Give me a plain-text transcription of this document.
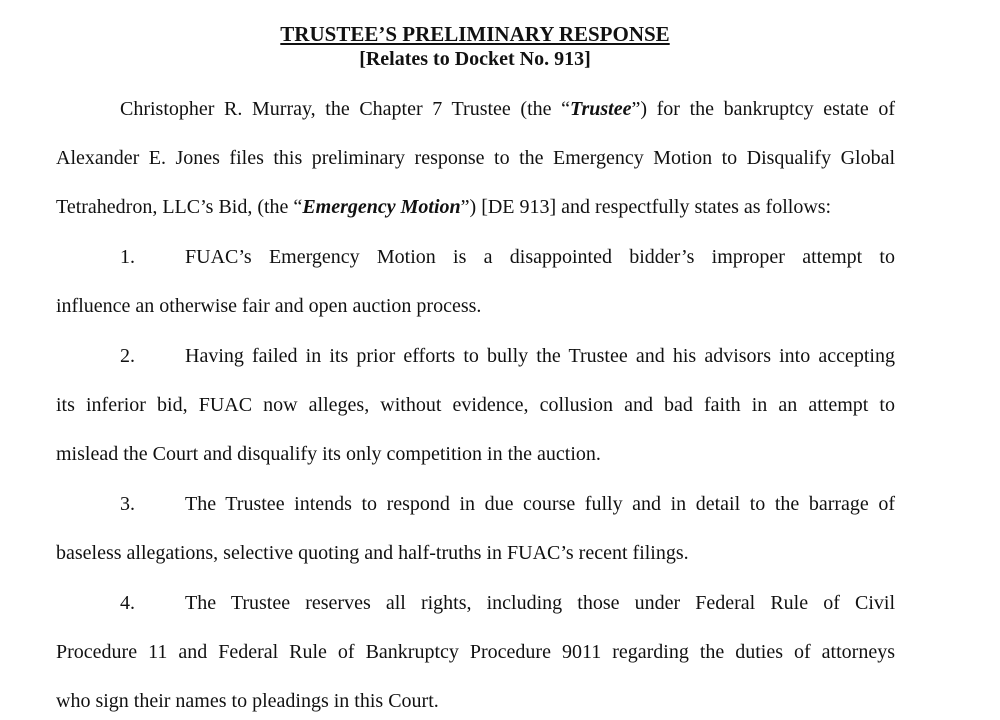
TRUSTEE’S PRELIMINARY RESPONSE
[Relates to Docket No. 913]
Christopher R. Murray, the Chapter 7 Trustee (the “Trustee”) for the bankruptcy estate of
Alexander E. Jones files this preliminary response to the Emergency Motion to Disqualify Global
Tetrahedron, LLC’s Bid, (the “Emergency Motion”) [DE 913] and respectfully states as follows:
1.	FUAC’s Emergency Motion is a disappointed bidder’s improper attempt to
influence an otherwise fair and open auction process.
2.	Having failed in its prior efforts to bully the Trustee and his advisors into accepting
its inferior bid, FUAC now alleges, without evidence, collusion and bad faith in an attempt to
mislead the Court and disqualify its only competition in the auction.
3.	The Trustee intends to respond in due course fully and in detail to the barrage of
baseless allegations, selective quoting and half-truths in FUAC’s recent filings.
4.	The Trustee reserves all rights, including those under Federal Rule of Civil
Procedure 11 and Federal Rule of Bankruptcy Procedure 9011 regarding the duties of attorneys
who sign their names to pleadings in this Court.
